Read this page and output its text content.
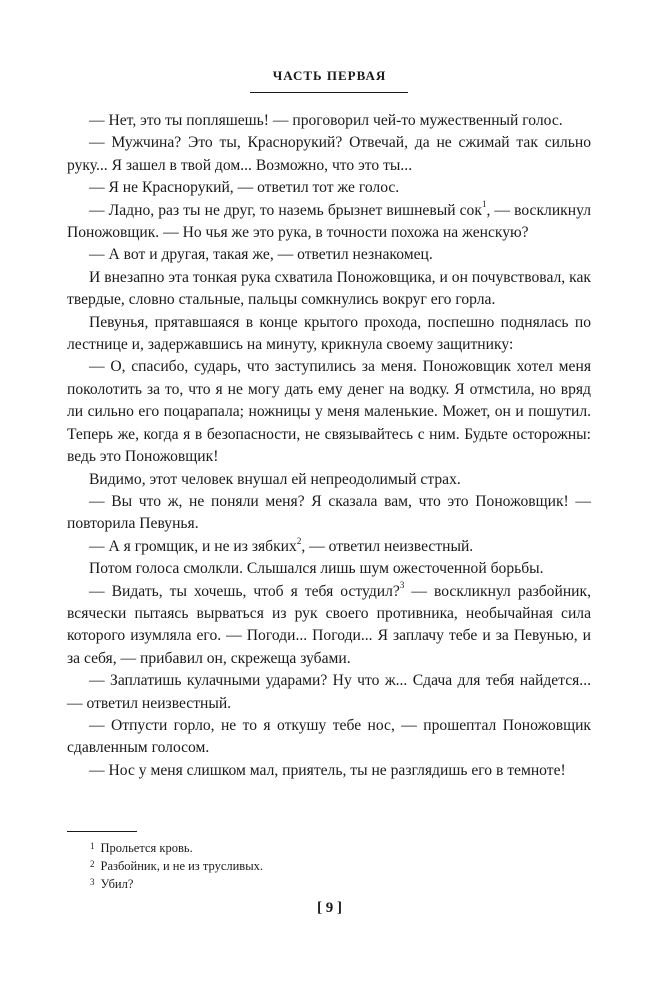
ЧАСТЬ ПЕРВАЯ

— Нет, это ты попляшешь! — проговорил чей-то мужественный голос.

— Мужчина? Это ты, Краснорукий? Отвечай, да не сжимай так сильно руку... Я зашел в твой дом... Возможно, что это ты...

— Я не Краснорукий, — ответил тот же голос.

— Ладно, раз ты не друг, то наземь брызнет вишневый сок$^1$, — воскликнул Поножовщик. — Но чья же это рука, в точности похожа на женскую?

— А вот и другая, такая же, — ответил незнакомец.

И внезапно эта тонкая рука схватила Поножовщика, и он почувствовал, как твердые, словно стальные, пальцы сомкнулись вокруг его горла.

Певунья, прятавшаяся в конце крытого прохода, поспешно поднялась по лестнице и, задержавшись на минуту, крикнула своему защитнику:

— О, спасибо, сударь, что заступились за меня. Поножовщик хотел меня поколотить за то, что я не могу дать ему денег на водку. Я отмстила, но вряд ли сильно его поцарапала; ножницы у меня маленькие. Может, он и пошутил. Теперь же, когда я в безопасности, не связывайтесь с ним. Будьте осторожны: ведь это Поножовщик!

Видимо, этот человек внушал ей непреодолимый страх.

— Вы что ж, не поняли меня? Я сказала вам, что это Поножовщик! — повторила Певунья.

— А я громщик, и не из зябких$^2$, — ответил неизвестный.

Потом голоса смолкли. Слышался лишь шум ожесточенной борьбы.

— Видать, ты хочешь, чтоб я тебя остудил?$^3$ — воскликнул разбойник, всячески пытаясь вырваться из рук своего противника, необычайная сила которого изумляла его. — Погоди... Погоди... Я заплачу тебе и за Певунью, и за себя, — прибавил он, скрежеща зубами.

— Заплатишь кулачными ударами? Ну что ж... Сдача для тебя найдется... — ответил неизвестный.

— Отпусти горло, не то я откушу тебе нос, — прошептал Поножовщик сдавленным голосом.

— Нос у меня слишком мал, приятель, ты не разглядишь его в темноте!

$^1$ Прольется кровь.
$^2$ Разбойник, и не из трусливых.
$^3$ Убил?
[ 9 ]
